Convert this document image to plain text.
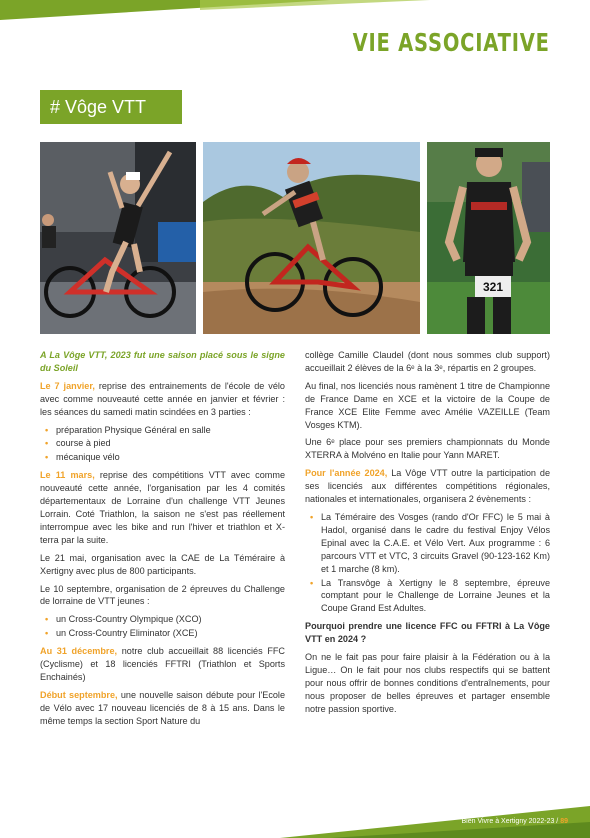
VIE ASSOCIATIVE
# Vôge VTT
321

A La Vôge VTT, 2023 fut une saison placé sous le signe du Soleil

Le 7 janvier, reprise des entrainements de l'école de vélo avec comme nouveauté cette année en janvier et février : les séances du samedi matin scindées en 3 parties :

• préparation Physique Général en salle
• course à pied
• mécanique vélo

Le 11 mars, reprise des compétitions VTT avec comme nouveauté cette année, l'organisation par les 4 comités départementaux de Lorraine d'un challenge VTT Jeunes Lorrain. Coté Triathlon, la saison ne s'est pas réellement interrompue avec les bike and run l'hiver et triathlon et X-terra par la suite.

Le 21 mai, organisation avec la CAE de La Téméraire à Xertigny avec plus de 800 participants.

Le 10 septembre, organisation de 2 épreuves du Challenge de lorraine de VTT jeunes :

• un Cross-Country Olympique (XCO)
• un Cross-Country Eliminator (XCE)

Au 31 décembre, notre club accueillait 88 licenciés FFC (Cyclisme) et 18 licenciés FFTRI (Triathlon et Sports Enchainés)

Début septembre, une nouvelle saison débute pour l'Ecole de Vélo avec 17 nouveau licenciés de 8 à 15 ans. Dans le même temps la section Sport Nature du

collège Camille Claudel (dont nous sommes club support) accueillait 2 élèves de la 6ᵉ à la 3ᵉ, répartis en 2 groupes.

Au final, nos licenciés nous ramènent 1 titre de Championne de France Dame en XCE et la victoire de la Coupe de France XCE Elite Femme avec Amélie VAZEILLE (Team Vosges KTM).

Une 6ᵉ place pour ses premiers championnats du Monde XTERRA à Molvéno en Italie pour Yann MARET.

Pour l'année 2024, La Vôge VTT outre la participation de ses licenciés aux différentes compétitions régionales, nationales et internationales, organisera 2 évènements :

• La Téméraire des Vosges (rando d'Or FFC) le 5 mai à Hadol, organisé dans le cadre du festival Enjoy Vélos Epinal avec la C.A.E. et Vélo Vert. Aux programme : 6 parcours VTT et VTC, 3 circuits Gravel (90-123-162 Km) et 1 marche (8 km).
• La Transvôge à Xertigny le 8 septembre, épreuve comptant pour le Challenge de Lorraine Jeunes et la Coupe Grand Est Adultes.

Pourquoi prendre une licence FFC ou FFTRI à La Vôge VTT en 2024 ?

On ne le fait pas pour faire plaisir à la Fédération ou à la Ligue… On le fait pour nos clubs respectifs qui se battent pour nous offrir de bonnes conditions d'entraînements, pour nous proposer de belles épreuves et partager ensemble notre passion sportive.

Bien Vivre à Xertigny 2022-23 / 89
